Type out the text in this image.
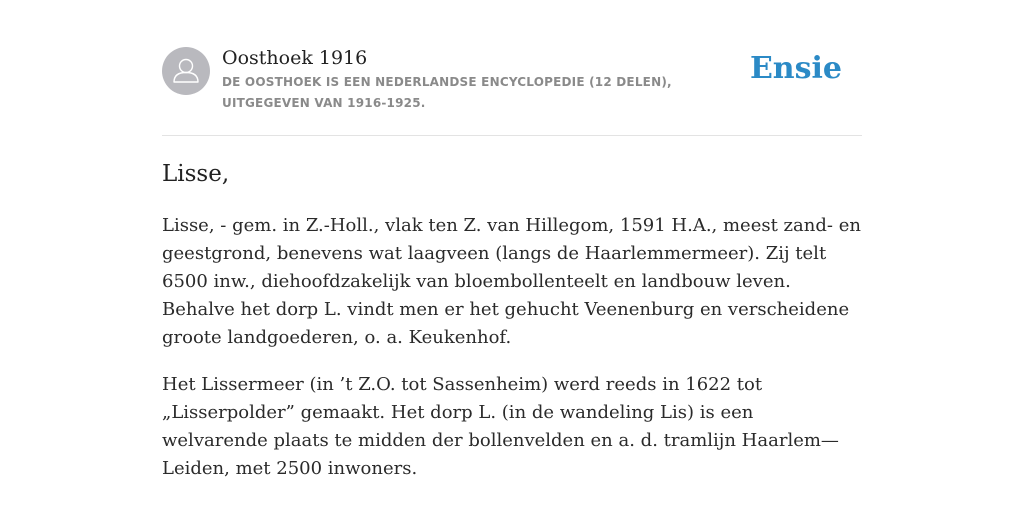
Oosthoek 1916
DE OOSTHOEK IS EEN NEDERLANDSE ENCYCLOPEDIE (12 DELEN), UITGEGEVEN VAN 1916-1925.
Ensie
Lisse,

Lisse, - gem. in Z.-Holl., vlak ten Z. van Hillegom, 1591 H.A., meest zand- en geestgrond, benevens wat laagveen (langs de Haarlemmermeer). Zij telt 6500 inw., diehoofdzakelijk van bloembollenteelt en landbouw leven. Behalve het dorp L. vindt men er het gehucht Veenenburg en verscheidene groote landgoederen, o. a. Keukenhof.

Het Lissermeer (in ’t Z.O. tot Sassenheim) werd reeds in 1622 tot „Lisserpolder” gemaakt. Het dorp L. (in de wandeling Lis) is een welvarende plaats te midden der bollenvelden en a. d. tramlijn Haarlem— Leiden, met 2500 inwoners.
